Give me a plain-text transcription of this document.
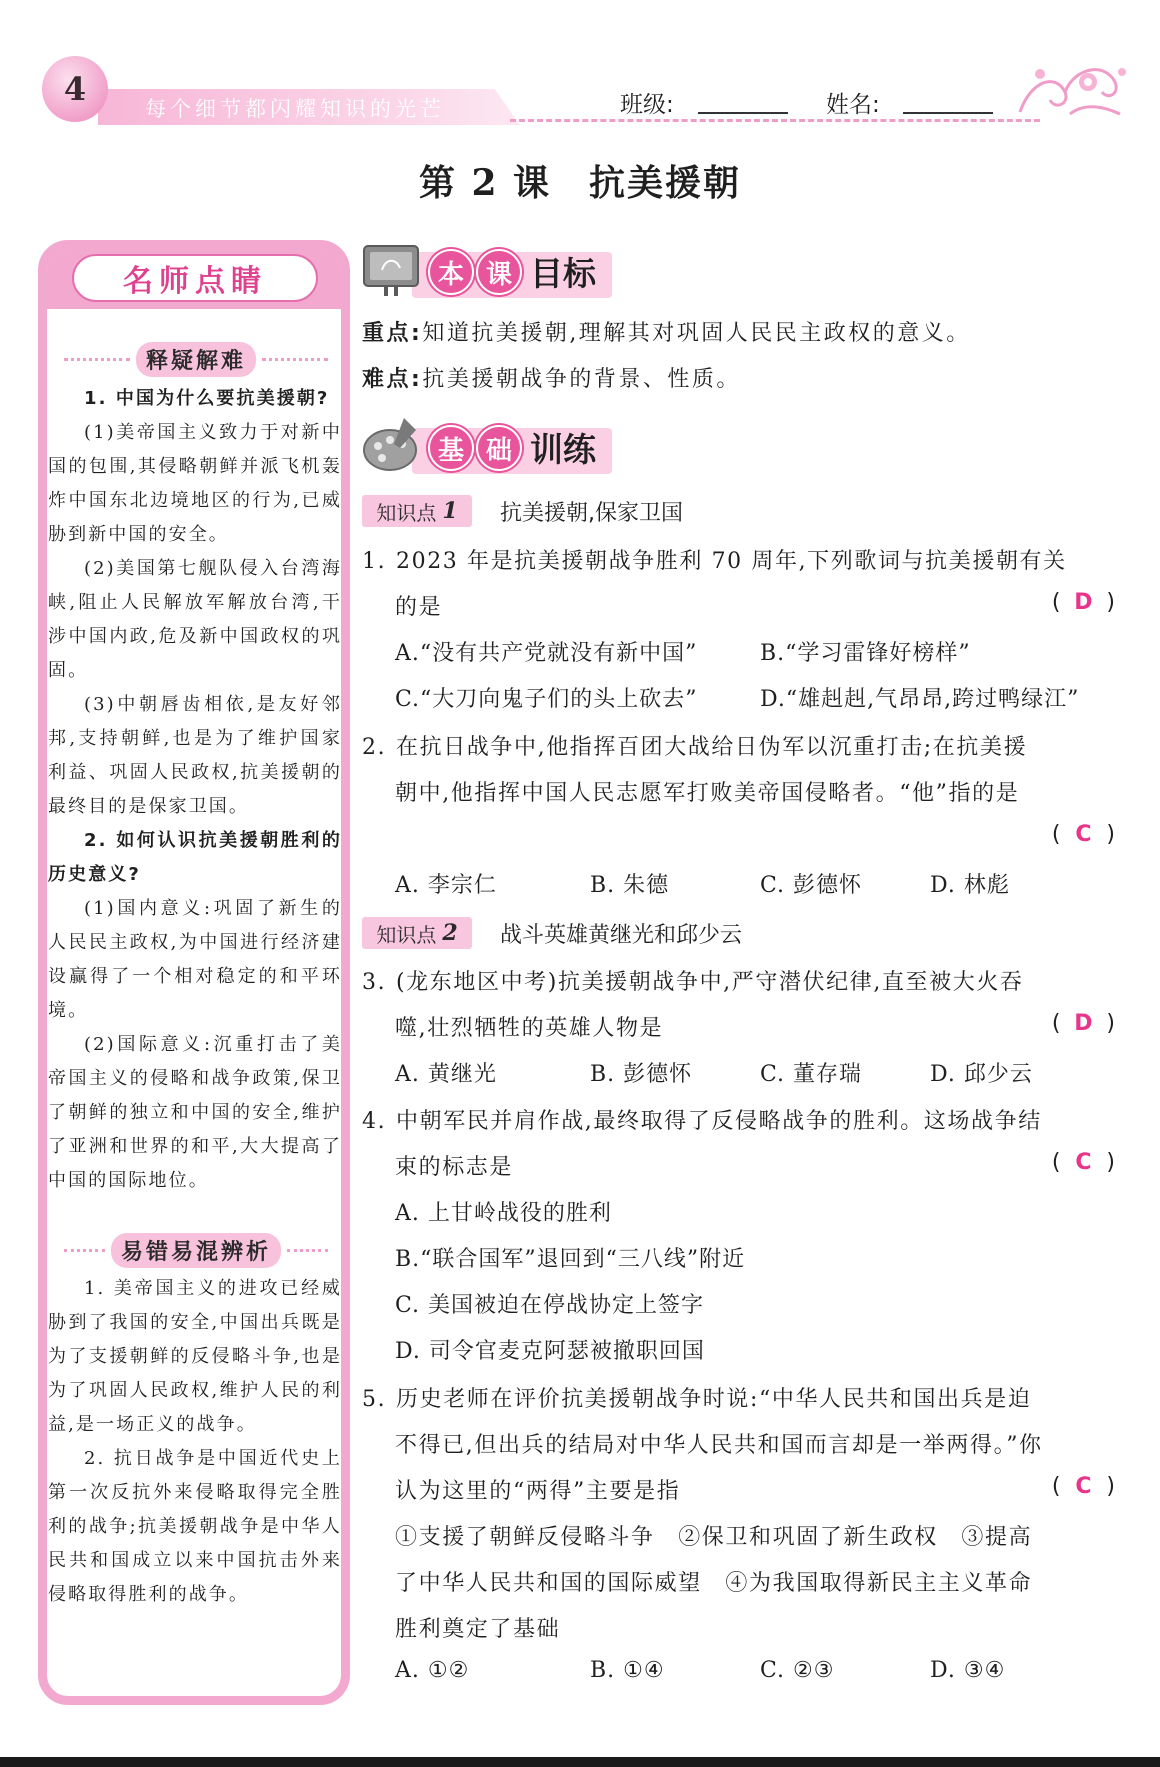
4
每个细节都闪耀知识的光芒	班级:	姓名:
第 2 课　抗美援朝
名师点睛
释疑解难

1. 中国为什么要抗美援朝?

(1)美帝国主义致力于对新中国的包围,其侵略朝鲜并派飞机轰炸中国东北边境地区的行为,已威胁到新中国的安全。

(2)美国第七舰队侵入台湾海峡,阻止人民解放军解放台湾,干涉中国内政,危及新中国政权的巩固。

(3)中朝唇齿相依,是友好邻邦,支持朝鲜,也是为了维护国家利益、巩固人民政权,抗美援朝的最终目的是保家卫国。

2. 如何认识抗美援朝胜利的历史意义?

(1)国内意义:巩固了新生的人民民主政权,为中国进行经济建设赢得了一个相对稳定的和平环境。

(2)国际意义:沉重打击了美帝国主义的侵略和战争政策,保卫了朝鲜的独立和中国的安全,维护了亚洲和世界的和平,大大提高了中国的国际地位。

易错易混辨析

1. 美帝国主义的进攻已经威胁到了我国的安全,中国出兵既是为了支援朝鲜的反侵略斗争,也是为了巩固人民政权,维护人民的利益,是一场正义的战争。

2. 抗日战争是中国近代史上第一次反抗外来侵略取得完全胜利的战争;抗美援朝战争是中华人民共和国成立以来中国抗击外来侵略取得胜利的战争。

本 课 目标
重点:知道抗美援朝,理解其对巩固人民民主政权的意义。
难点:抗美援朝战争的背景、性质。
基 础 训练
知识点 1 抗美援朝,保家卫国
1. 2023 年是抗美援朝战争胜利 70 周年,下列歌词与抗美援朝有关
的是	( D )
A.“没有共产党就没有新中国”	B.“学习雷锋好榜样”
C.“大刀向鬼子们的头上砍去”	D.“雄赳赳,气昂昂,跨过鸭绿江”
2. 在抗日战争中,他指挥百团大战给日伪军以沉重打击;在抗美援
朝中,他指挥中国人民志愿军打败美帝国侵略者。“他”指的是
( C )
A. 李宗仁	B. 朱德	C. 彭德怀	D. 林彪
知识点 2 战斗英雄黄继光和邱少云
3. (龙东地区中考)抗美援朝战争中,严守潜伏纪律,直至被大火吞
噬,壮烈牺牲的英雄人物是	( D )
A. 黄继光	B. 彭德怀	C. 董存瑞	D. 邱少云
4. 中朝军民并肩作战,最终取得了反侵略战争的胜利。这场战争结
束的标志是	( C )
A. 上甘岭战役的胜利
B.“联合国军”退回到“三八线”附近
C. 美国被迫在停战协定上签字
D. 司令官麦克阿瑟被撤职回国
5. 历史老师在评价抗美援朝战争时说:“中华人民共和国出兵是迫
不得已,但出兵的结局对中华人民共和国而言却是一举两得。”你
认为这里的“两得”主要是指	( C )
①支援了朝鲜反侵略斗争　②保卫和巩固了新生政权　③提高
了中华人民共和国的国际威望　④为我国取得新民主主义革命
胜利奠定了基础
A. ①②	B. ①④	C. ②③	D. ③④
